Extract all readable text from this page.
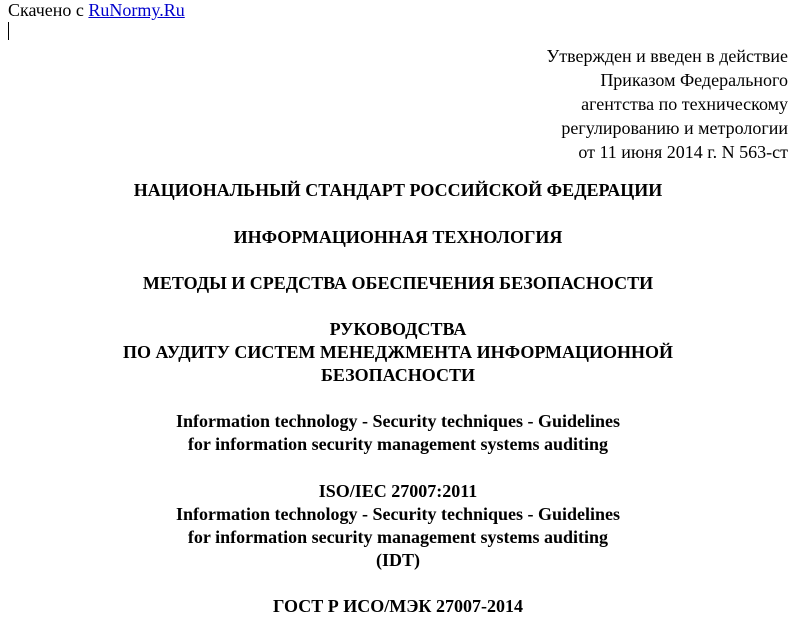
Скачено с RuNormy.Ru
Утвержден и введен в действие
Приказом Федерального
агентства по техническому
регулированию и метрологии
от 11 июня 2014 г. N 563-ст
НАЦИОНАЛЬНЫЙ СТАНДАРТ РОССИЙСКОЙ ФЕДЕРАЦИИ
ИНФОРМАЦИОННАЯ ТЕХНОЛОГИЯ
МЕТОДЫ И СРЕДСТВА ОБЕСПЕЧЕНИЯ БЕЗОПАСНОСТИ
РУКОВОДСТВА
ПО АУДИТУ СИСТЕМ МЕНЕДЖМЕНТА ИНФОРМАЦИОННОЙ
БЕЗОПАСНОСТИ
Information technology - Security techniques - Guidelines
for information security management systems auditing
ISO/IEC 27007:2011
Information technology - Security techniques - Guidelines
for information security management systems auditing
(IDT)
ГОСТ Р ИСО/МЭК 27007-2014
